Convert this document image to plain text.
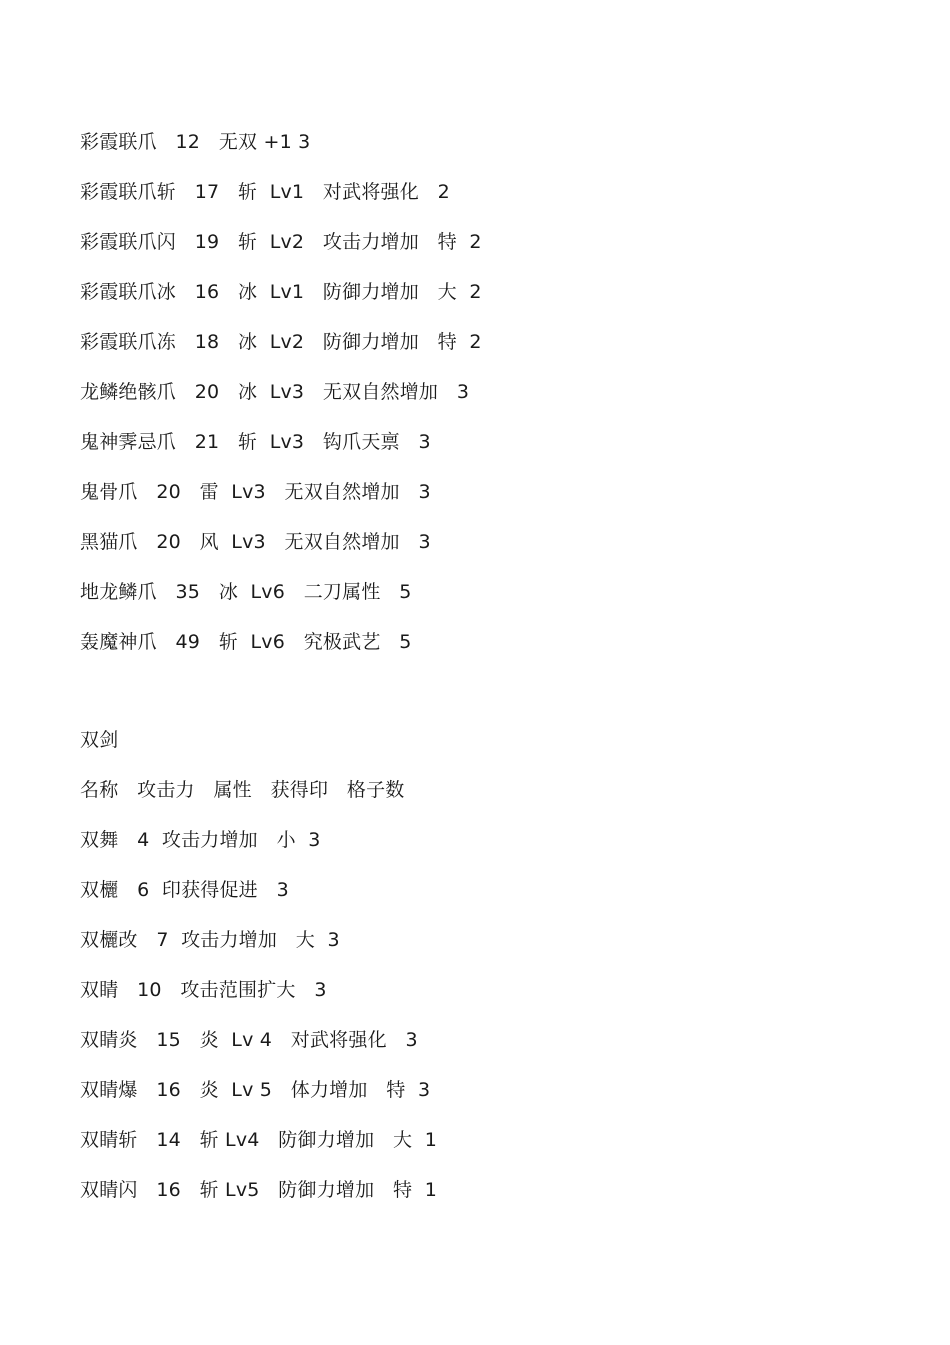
彩霞联爪   12   无双 +1 3
彩霞联爪斩   17   斩  Lv1   对武将强化   2
彩霞联爪闪   19   斩  Lv2   攻击力增加   特  2
彩霞联爪冰   16   冰  Lv1   防御力增加   大  2
彩霞联爪冻   18   冰  Lv2   防御力增加   特  2
龙鳞绝骸爪   20   冰  Lv3   无双自然增加   3
鬼神霁忌爪   21   斩  Lv3   钩爪天禀   3
鬼骨爪   20   雷  Lv3   无双自然增加   3
黑猫爪   20   风  Lv3   无双自然增加   3
地龙鳞爪   35   冰  Lv6   二刀属性   5
轰魔神爪   49   斩  Lv6   究极武艺   5
双剑
名称   攻击力   属性   获得印   格子数
双舞   4  攻击力增加   小  3
双欐   6  印获得促进   3
双欐改   7  攻击力增加   大  3
双睛   10   攻击范围扩大   3
双睛炎   15   炎  Lv 4   对武将强化   3
双睛爆   16   炎  Lv 5   体力增加   特  3
双睛斩   14   斩 Lv4   防御力增加   大  1
双睛闪   16   斩 Lv5   防御力增加   特  1
